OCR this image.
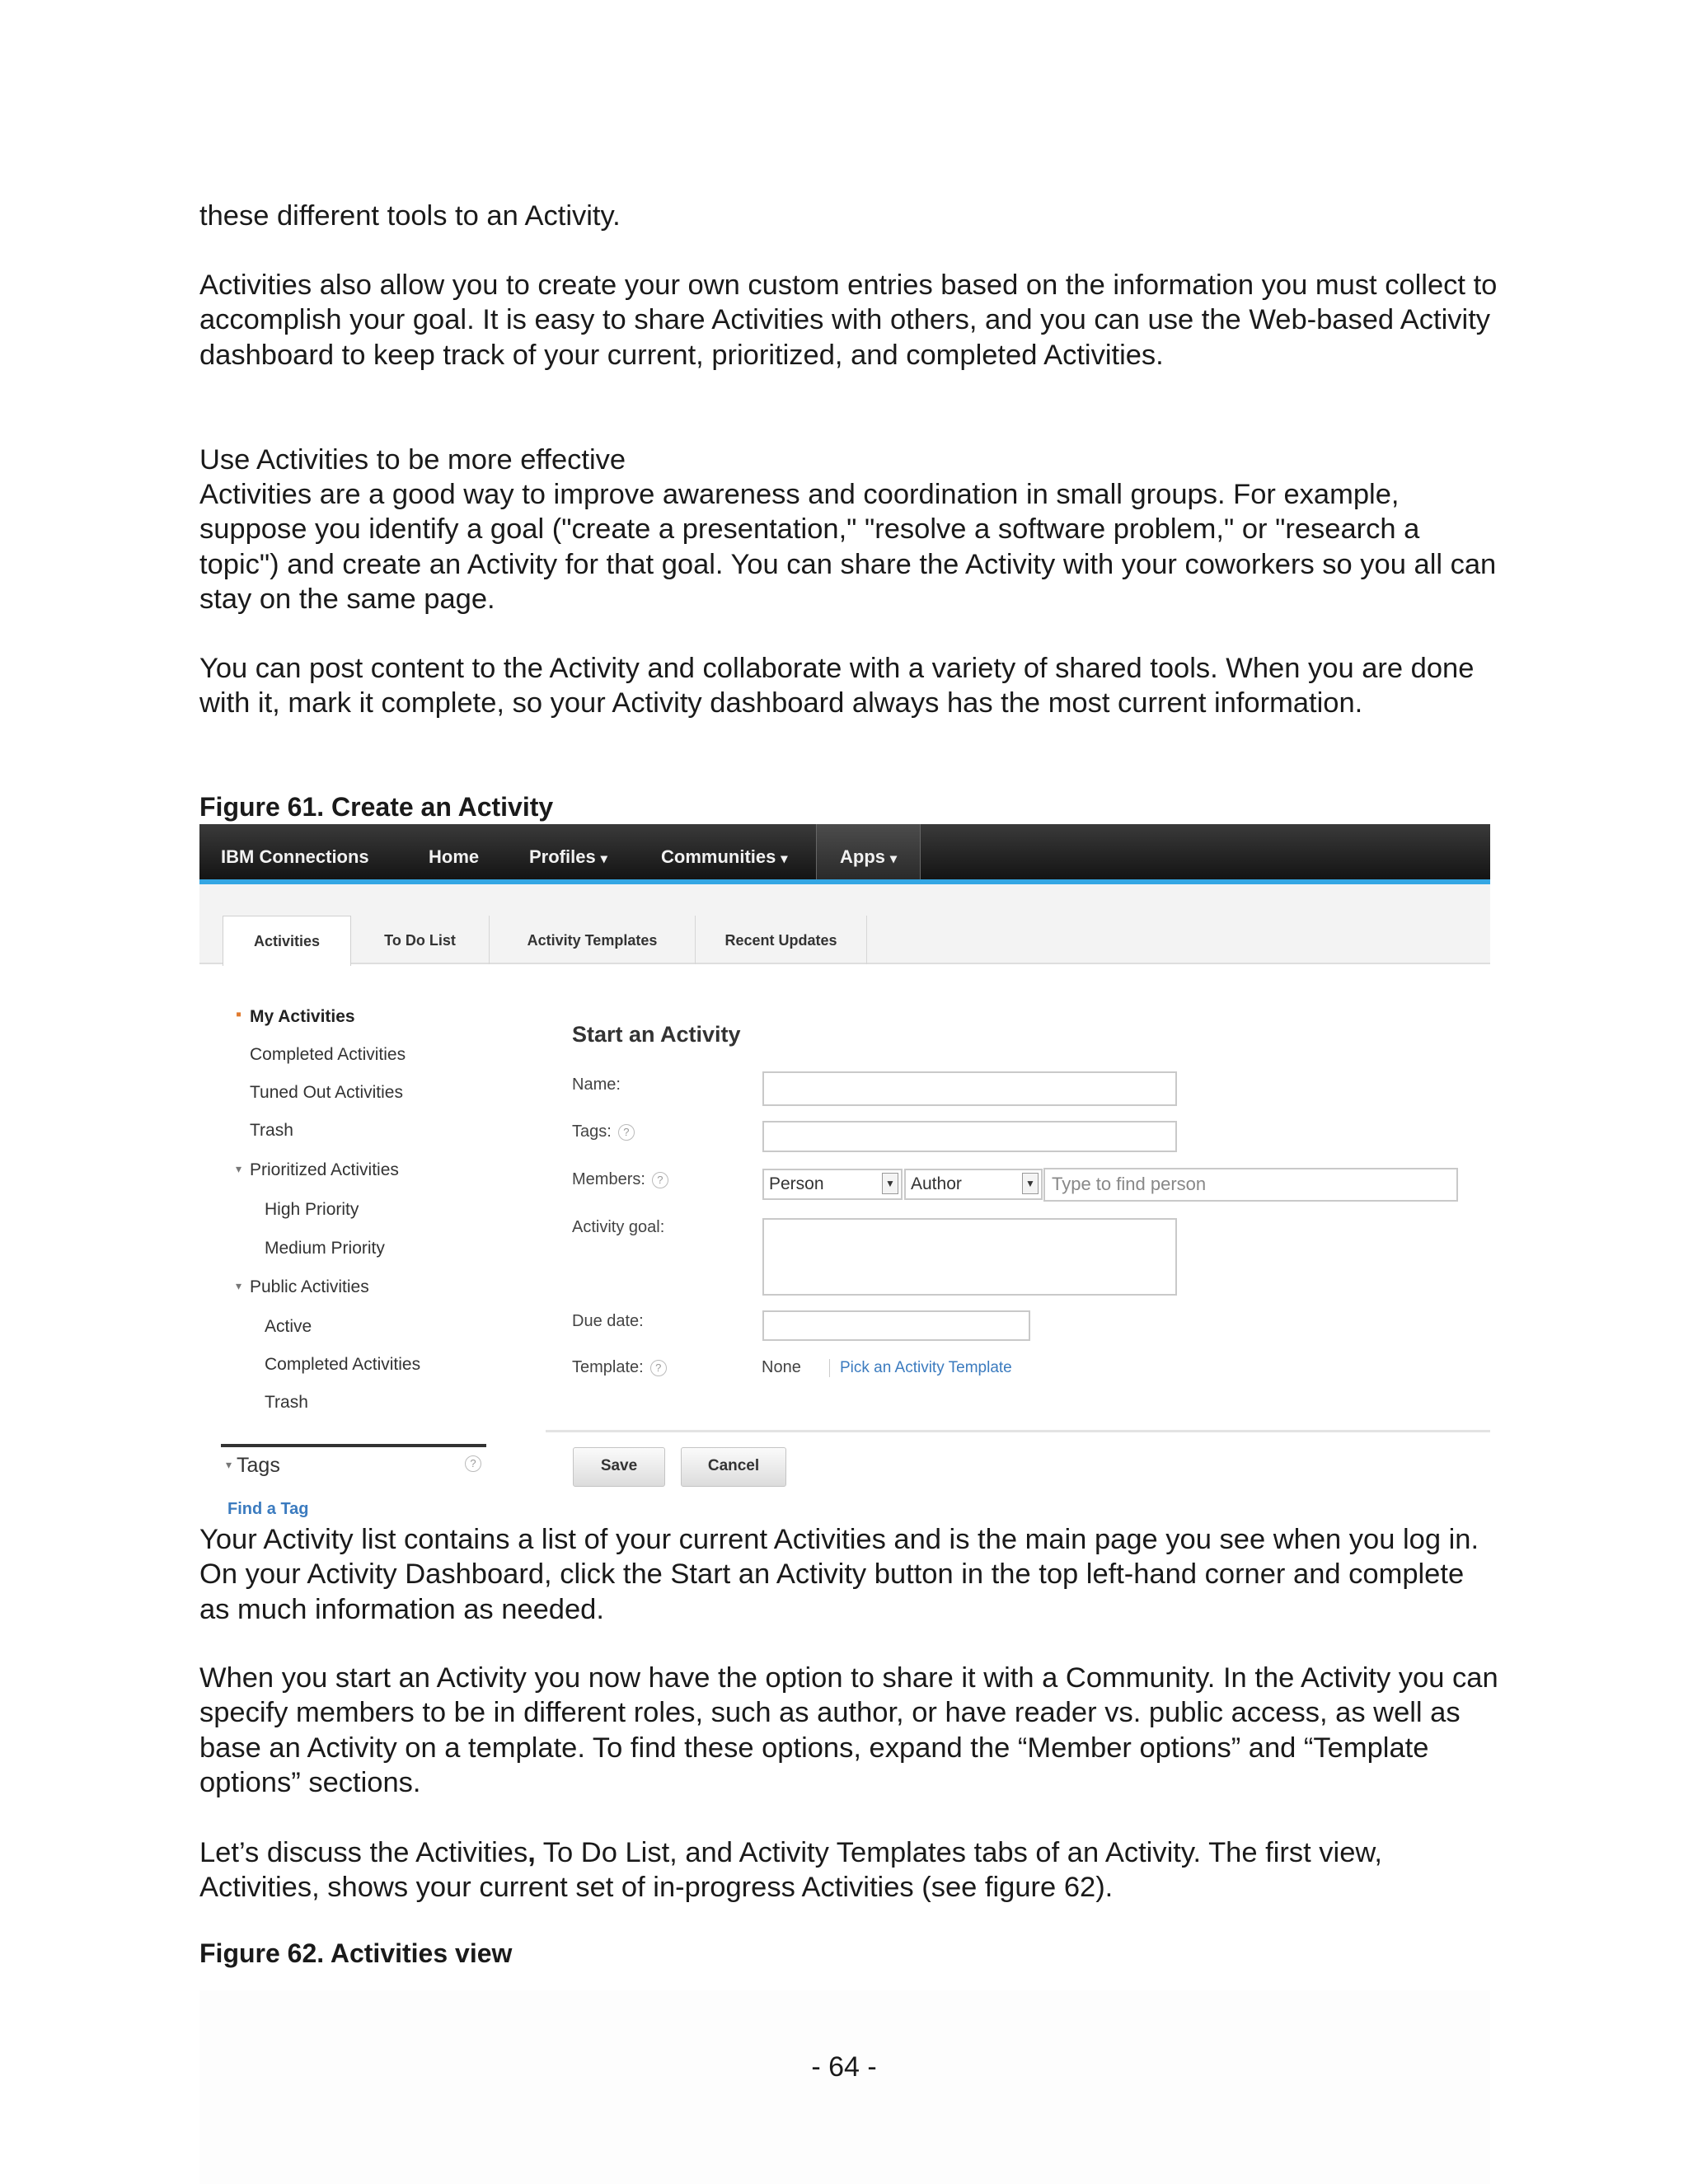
these different tools to an Activity.
Activities also allow you to create your own custom entries based on the information you must collect to accomplish your goal. It is easy to share Activities with others, and you can use the Web-based Activity dashboard to keep track of your current, prioritized, and completed Activities.
Use Activities to be more effective
Activities are a good way to improve awareness and coordination in small groups. For example, suppose you identify a goal ("create a presentation," "resolve a software problem," or "research a topic") and create an Activity for that goal. You can share the Activity with your coworkers so you all can stay on the same page.
You can post content to the Activity and collaborate with a variety of shared tools. When you are done with it, mark it complete, so your Activity dashboard always has the most current information.
Figure 61. Create an Activity
IBM Connections	Home	Profiles ▾	Communities ▾	Apps ▾
Activities	To Do List	Activity Templates	Recent Updates
▪ My Activities
Completed Activities
Tuned Out Activities
Trash
▾ Prioritized Activities
High Priority
Medium Priority
▾ Public Activities
Active
Completed Activities
Trash
▾ Tags	?
Find a Tag
Start an Activity
Name:
Tags: ?
Members: ?	Person	▼ Author	▼ Type to find person
Activity goal:
Due date:
Template: ?	None	Pick an Activity Template
Save	Cancel
Your Activity list contains a list of your current Activities and is the main page you see when you log in. On your Activity Dashboard, click the Start an Activity button in the top left-hand corner and complete as much information as needed.
When you start an Activity you now have the option to share it with a Community. In the Activity you can specify members to be in different roles, such as author, or have reader vs. public access, as well as base an Activity on a template. To find these options, expand the “Member options” and “Template options” sections.
Let’s discuss the Activities, To Do List, and Activity Templates tabs of an Activity. The first view, Activities, shows your current set of in-progress Activities (see figure 62).
Figure 62. Activities view
- 64 -
